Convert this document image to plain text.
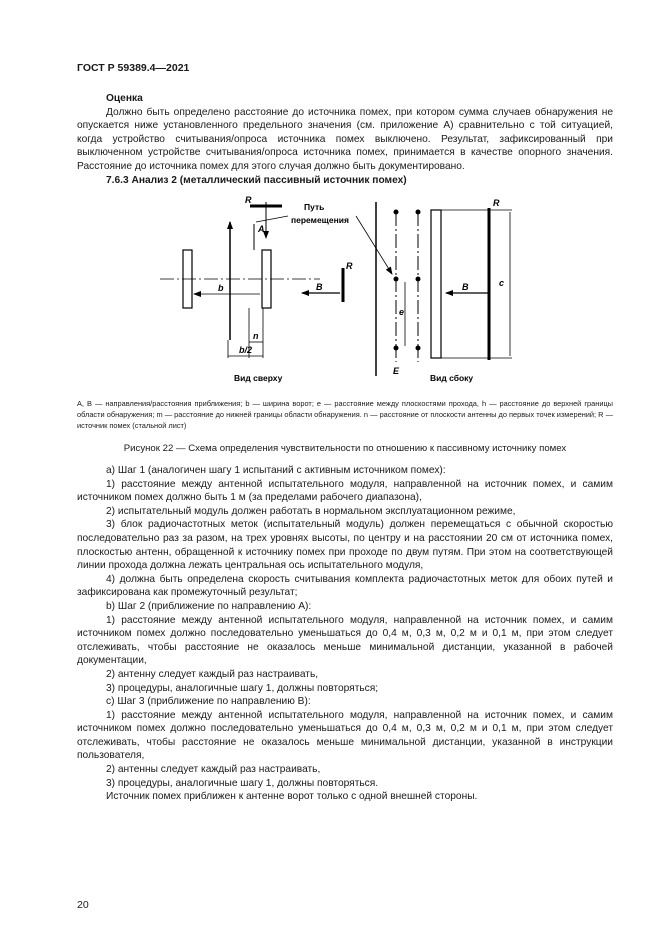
ГОСТ Р 59389.4—2021

Оценка

Должно быть определено расстояние до источника помех, при котором сумма случаев обнаружения не опускается ниже установленного предельного значения (см. приложение А) сравнительно с той ситуацией, когда устройство считывания/опроса источника помех выключено. Результат, зафиксированный при выключенном устройстве считывания/опроса источника помех, принимается в качестве опорного значения. Расстояние до источника помех для этого случая должно быть документировано.

7.6.3 Анализ 2 (металлический пассивный источник помех)

R
A
b	B
R
n
b/2
Вид сверху
Путь
перемещения
e
E
B
R
c
Вид сбоку
A, B — направления/расстояния приближения; b — ширина ворот; e — расстояние между плоскостями прохода, h — расстояние до верхней границы области обнаружения; m — расстояние до нижней границы области обнаружения. n — расстояние от плоскости антенны до первых точек измерений; R — источник помех (стальной лист)
Рисунок 22 — Схема определения чувствительности по отношению к пассивному источнику помех

а) Шаг 1 (аналогичен шагу 1 испытаний с активным источником помех):

1) расстояние между антенной испытательного модуля, направленной на источник помех, и самим источником помех должно быть 1 м (за пределами рабочего диапазона),

2) испытательный модуль должен работать в нормальном эксплуатационном режиме,

3) блок радиочастотных меток (испытательный модуль) должен перемещаться с обычной скоростью последовательно раз за разом, на трех уровнях высоты, по центру и на расстоянии 20 см от источника помех, плоскостью антенн, обращенной к источнику помех при проходе по двум путям. При этом на соответствующей линии прохода должна лежать центральная ось испытательного модуля,

4) должна быть определена скорость считывания комплекта радиочастотных меток для обоих путей и зафиксирована как промежуточный результат;

b) Шаг 2 (приближение по направлению А):

1) расстояние между антенной испытательного модуля, направленной на источник помех, и самим источником помех должно последовательно уменьшаться до 0,4 м, 0,3 м, 0,2 м и 0,1 м, при этом следует отслеживать, чтобы расстояние не оказалось меньше минимальной дистанции, указанной в рабочей документации,

2) антенну следует каждый раз настраивать,

3) процедуры, аналогичные шагу 1, должны повторяться;

c) Шаг 3 (приближение по направлению В):

1) расстояние между антенной испытательного модуля, направленной на источник помех, и самим источником помех должно последовательно уменьшаться до 0,4 м, 0,3 м, 0,2 м и 0,1 м, при этом следует отслеживать, чтобы расстояние не оказалось меньше минимальной дистанции, указанной в инструкции пользователя,

2) антенны следует каждый раз настраивать,

3) процедуры, аналогичные шагу 1, должны повторяться.

Источник помех приближен к антенне ворот только с одной внешней стороны.

20
